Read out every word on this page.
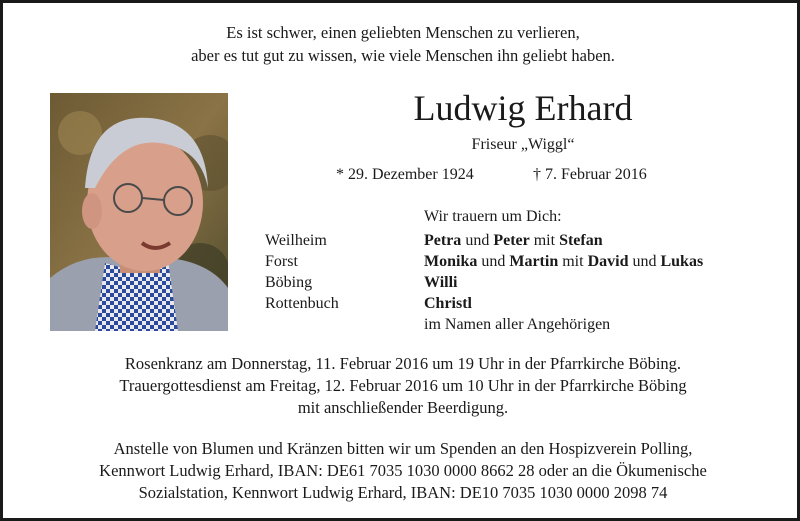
Es ist schwer, einen geliebten Menschen zu verlieren,
aber es tut gut zu wissen, wie viele Menschen ihn geliebt haben.
Ludwig Erhard
Friseur „Wiggl“
* 29. Dezember 1924	† 7. Februar 2016
Wir trauern um Dich:
Weilheim
Forst
Böbing
Rottenbuch
Petra und Peter mit Stefan
Monika und Martin mit David und Lukas
Willi
Christl
im Namen aller Angehörigen
Rosenkranz am Donnerstag, 11. Februar 2016 um 19 Uhr in der Pfarrkirche Böbing.
Trauergottesdienst am Freitag, 12. Februar 2016 um 10 Uhr in der Pfarrkirche Böbing
mit anschließender Beerdigung.
Anstelle von Blumen und Kränzen bitten wir um Spenden an den Hospizverein Polling,
Kennwort Ludwig Erhard, IBAN: DE61 7035 1030 0000 8662 28 oder an die Ökumenische
Sozialstation, Kennwort Ludwig Erhard, IBAN: DE10 7035 1030 0000 2098 74
